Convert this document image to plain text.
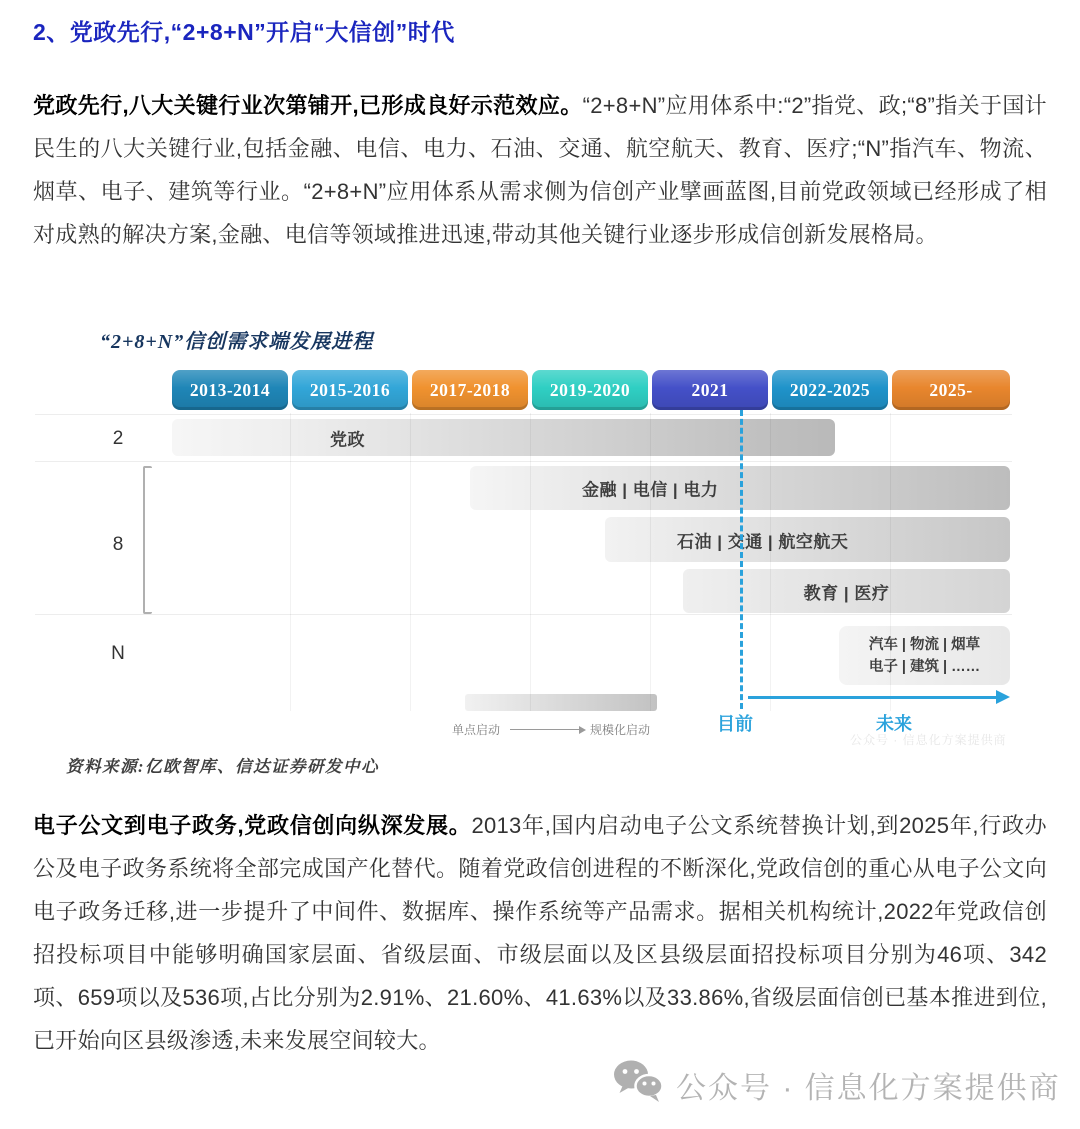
2、党政先行,“2+8+N”开启“大信创”时代

党政先行,八大关键行业次第铺开,已形成良好示范效应。“2+8+N”应用体系中:“2”指党、政;“8”指关于国计民生的八大关键行业,包括金融、电信、电力、石油、交通、航空航天、教育、医疗;“N”指汽车、物流、烟草、电子、建筑等行业。“2+8+N”应用体系从需求侧为信创产业擘画蓝图,目前党政领域已经形成了相对成熟的解决方案,金融、电信等领域推进迅速,带动其他关键行业逐步形成信创新发展格局。

“2+8+N”信创需求端发展进程
2013-2014	2015-2016	2017-2018	2019-2020	2021	2022-2025	2025-
2
8
N
党政
金融 | 电信 | 电力
石油 | 交通 | 航空航天
教育 | 医疗
汽车 | 物流 | 烟草
电子 | 建筑 | ……
目前	未来
单点启动	规模化启动
公众号 · 信息化方案提供商
资料来源:亿欧智库、信达证券研发中心

电子公文到电子政务,党政信创向纵深发展。2013年,国内启动电子公文系统替换计划,到2025年,行政办公及电子政务系统将全部完成国产化替代。随着党政信创进程的不断深化,党政信创的重心从电子公文向电子政务迁移,进一步提升了中间件、数据库、操作系统等产品需求。据相关机构统计,2022年党政信创招投标项目中能够明确国家层面、省级层面、市级层面以及区县级层面招投标项目分别为46项、342项、659项以及536项,占比分别为2.91%、21.60%、41.63%以及33.86%,省级层面信创已基本推进到位,已开始向区县级渗透,未来发展空间较大。

公众号 · 信息化方案提供商
